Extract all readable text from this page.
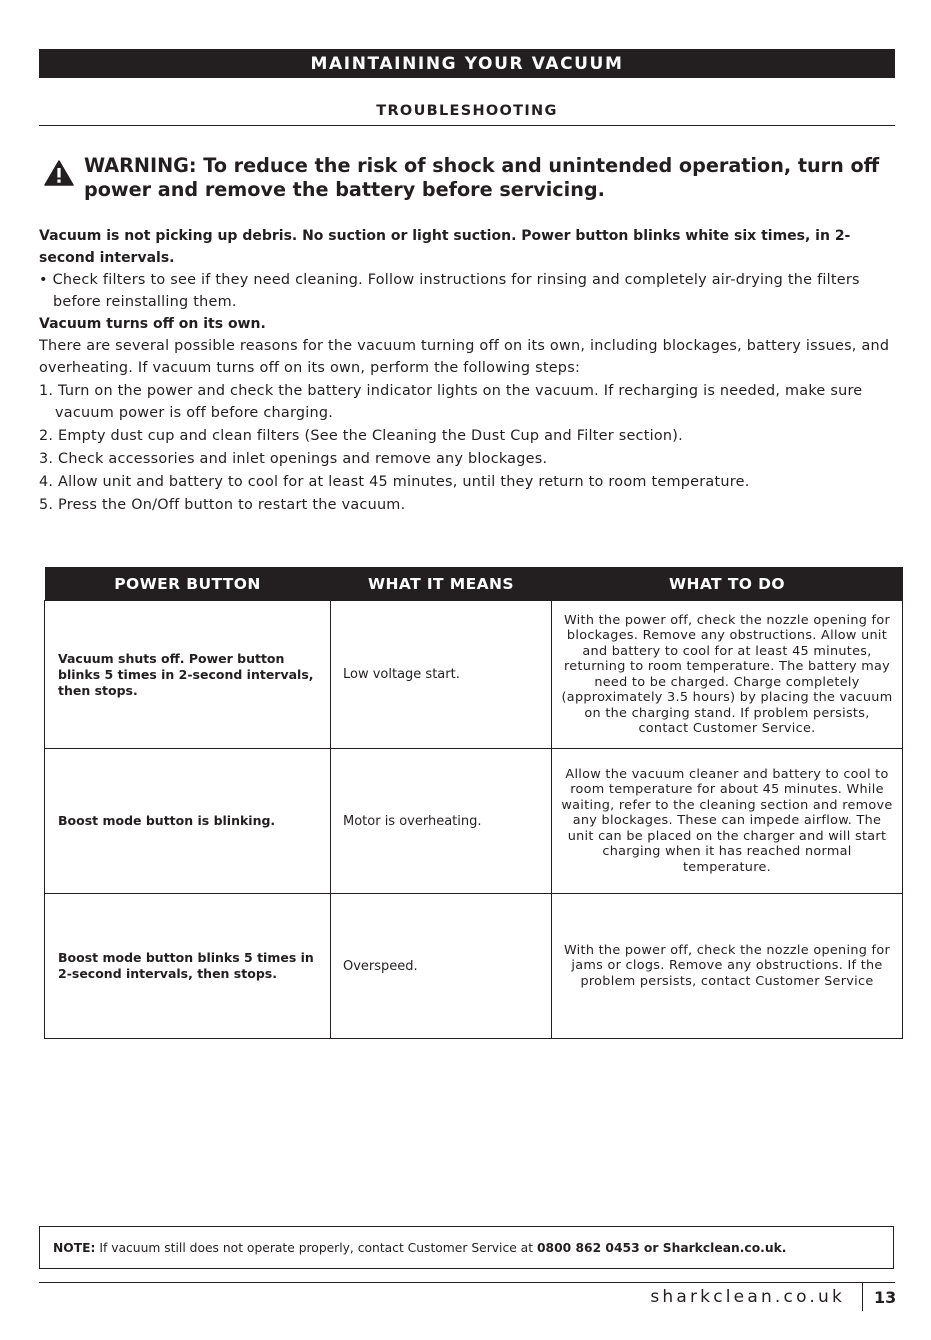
MAINTAINING YOUR VACUUM
TROUBLESHOOTING
WARNING: To reduce the risk of shock and unintended operation, turn off power and remove the battery before servicing.

Vacuum is not picking up debris. No suction or light suction. Power button blinks white six times, in 2-second intervals.

• Check filters to see if they need cleaning. Follow instructions for rinsing and completely air-drying the filters before reinstalling them.

Vacuum turns off on its own.

There are several possible reasons for the vacuum turning off on its own, including blockages, battery issues, and overheating. If vacuum turns off on its own, perform the following steps:

1. Turn on the power and check the battery indicator lights on the vacuum. If recharging is needed, make sure vacuum power is off before charging.

2. Empty dust cup and clean filters (See the Cleaning the Dust Cup and Filter section).

3. Check accessories and inlet openings and remove any blockages.

4. Allow unit and battery to cool for at least 45 minutes, until they return to room temperature.

5. Press the On/Off button to restart the vacuum.

POWER BUTTON	WHAT IT MEANS	WHAT TO DO
Vacuum shuts off. Power button blinks 5 times in 2-second intervals, then stops.	Low voltage start.	With the power off, check the nozzle opening for blockages. Remove any obstructions. Allow unit and battery to cool for at least 45 minutes, returning to room temperature. The battery may need to be charged. Charge completely (approximately 3.5 hours) by placing the vacuum on the charging stand. If problem persists, contact Customer Service.
Boost mode button is blinking.	Motor is overheating.	Allow the vacuum cleaner and battery to cool to room temperature for about 45 minutes. While waiting, refer to the cleaning section and remove any blockages. These can impede airflow. The unit can be placed on the charger and will start charging when it has reached normal temperature.
Boost mode button blinks 5 times in 2-second intervals, then stops.	Overspeed.	With the power off, check the nozzle opening for jams or clogs. Remove any obstructions. If the problem persists, contact Customer Service
NOTE: If vacuum still does not operate properly, contact Customer Service at 0800 862 0453 or Sharkclean.co.uk.
sharkclean.co.uk 13
